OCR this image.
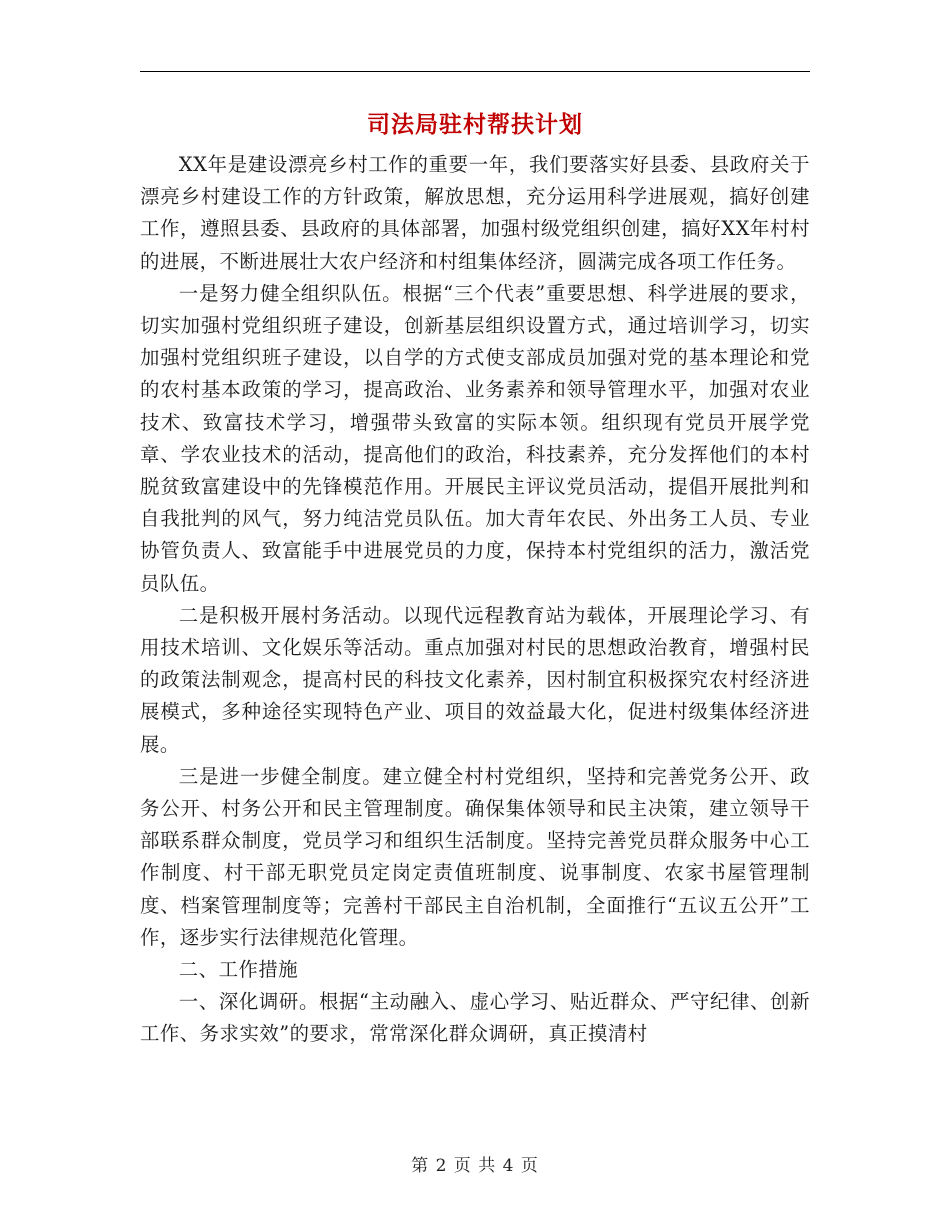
司法局驻村帮扶计划

XX年是建设漂亮乡村工作的重要一年，我们要落实好县委、县政府关于漂亮乡村建设工作的方针政策，解放思想，充分运用科学进展观，搞好创建工作，遵照县委、县政府的具体部署，加强村级党组织创建，搞好XX年村村的进展，不断进展壮大农户经济和村组集体经济，圆满完成各项工作任务。

一是努力健全组织队伍。根据“三个代表”重要思想、科学进展的要求，切实加强村党组织班子建设，创新基层组织设置方式，通过培训学习，切实加强村党组织班子建设，以自学的方式使支部成员加强对党的基本理论和党的农村基本政策的学习，提高政治、业务素养和领导管理水平，加强对农业技术、致富技术学习，增强带头致富的实际本领。组织现有党员开展学党章、学农业技术的活动，提高他们的政治，科技素养，充分发挥他们的本村脱贫致富建设中的先锋模范作用。开展民主评议党员活动，提倡开展批判和自我批判的风气，努力纯洁党员队伍。加大青年农民、外出务工人员、专业协管负责人、致富能手中进展党员的力度，保持本村党组织的活力，激活党员队伍。

二是积极开展村务活动。以现代远程教育站为载体，开展理论学习、有用技术培训、文化娱乐等活动。重点加强对村民的思想政治教育，增强村民的政策法制观念，提高村民的科技文化素养，因村制宜积极探究农村经济进展模式，多种途径实现特色产业、项目的效益最大化，促进村级集体经济进展。

三是进一步健全制度。建立健全村村党组织，坚持和完善党务公开、政务公开、村务公开和民主管理制度。确保集体领导和民主决策，建立领导干部联系群众制度，党员学习和组织生活制度。坚持完善党员群众服务中心工作制度、村干部无职党员定岗定责值班制度、说事制度、农家书屋管理制度、档案管理制度等；完善村干部民主自治机制，全面推行“五议五公开”工作，逐步实行法律规范化管理。

二、工作措施

一、深化调研。根据“主动融入、虚心学习、贴近群众、严守纪律、创新工作、务求实效”的要求，常常深化群众调研，真正摸清村

第 2 页 共 4 页
